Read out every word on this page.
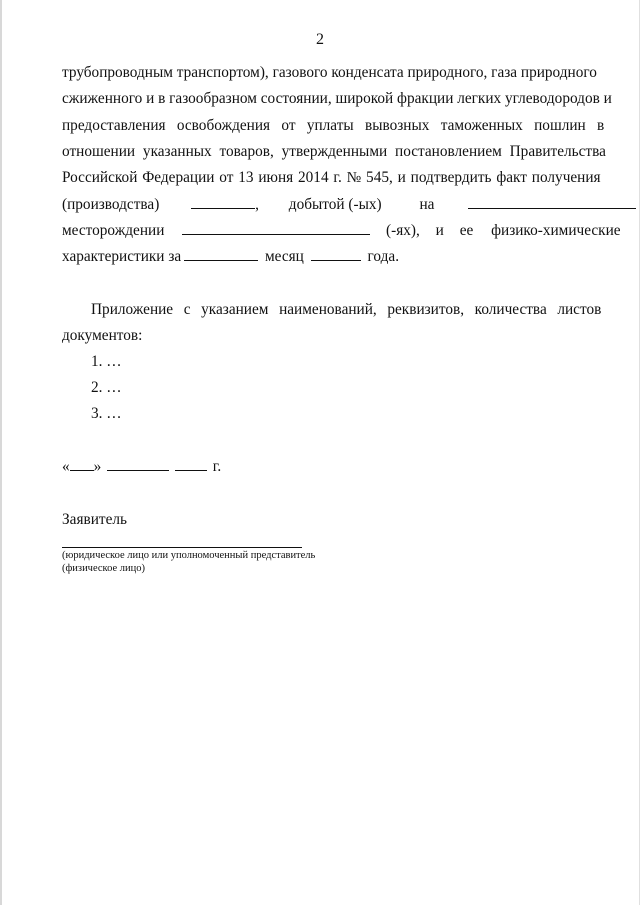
2
трубопроводным транспортом), газового конденсата природного, газа природного
сжиженного и в газообразном состоянии, широкой фракции легких углеводородов и
предоставления освобождения от уплаты вывозных таможенных пошлин в
отношении указанных товаров, утвержденными постановлением Правительства
Российской Федерации от 13 июня 2014 г. № 545, и подтвердить факт получения
(производства)	, добытой (-ых) на
месторождении	(-ях), и ее физико-химические
характеристики за	месяц	года.
Приложение с указанием наименований, реквизитов, количества листов
документов:
1. …
2. …
3. …
« »	г.
Заявитель
(юридическое лицо или уполномоченный представитель
(физическое лицо)
